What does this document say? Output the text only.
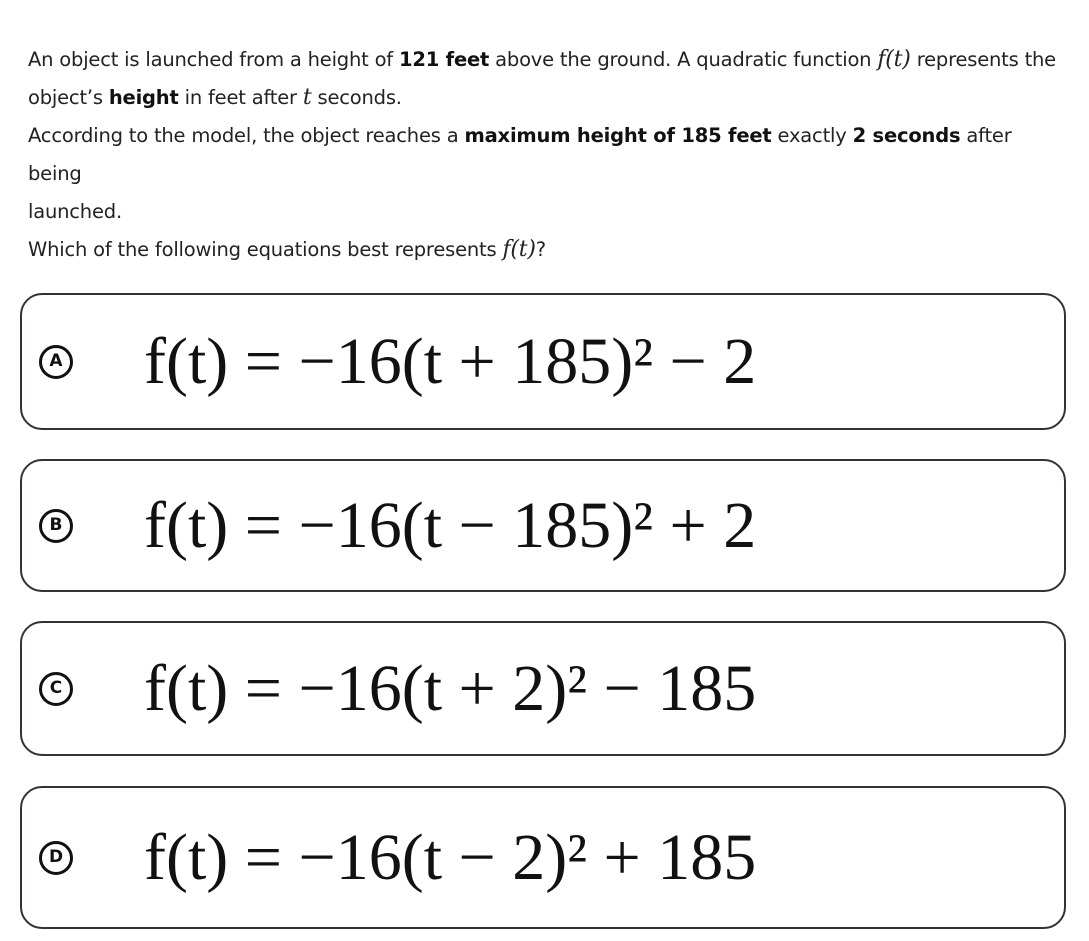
An object is launched from a height of 121 feet above the ground. A quadratic function f(t) represents the

object’s height in feet after t seconds.

According to the model, the object reaches a maximum height of 185 feet exactly 2 seconds after being

launched.

Which of the following equations best represents f(t)?

A f(t) = −16(t + 185)² − 2
B f(t) = −16(t − 185)² + 2
C f(t) = −16(t + 2)² − 185
D f(t) = −16(t − 2)² + 185
